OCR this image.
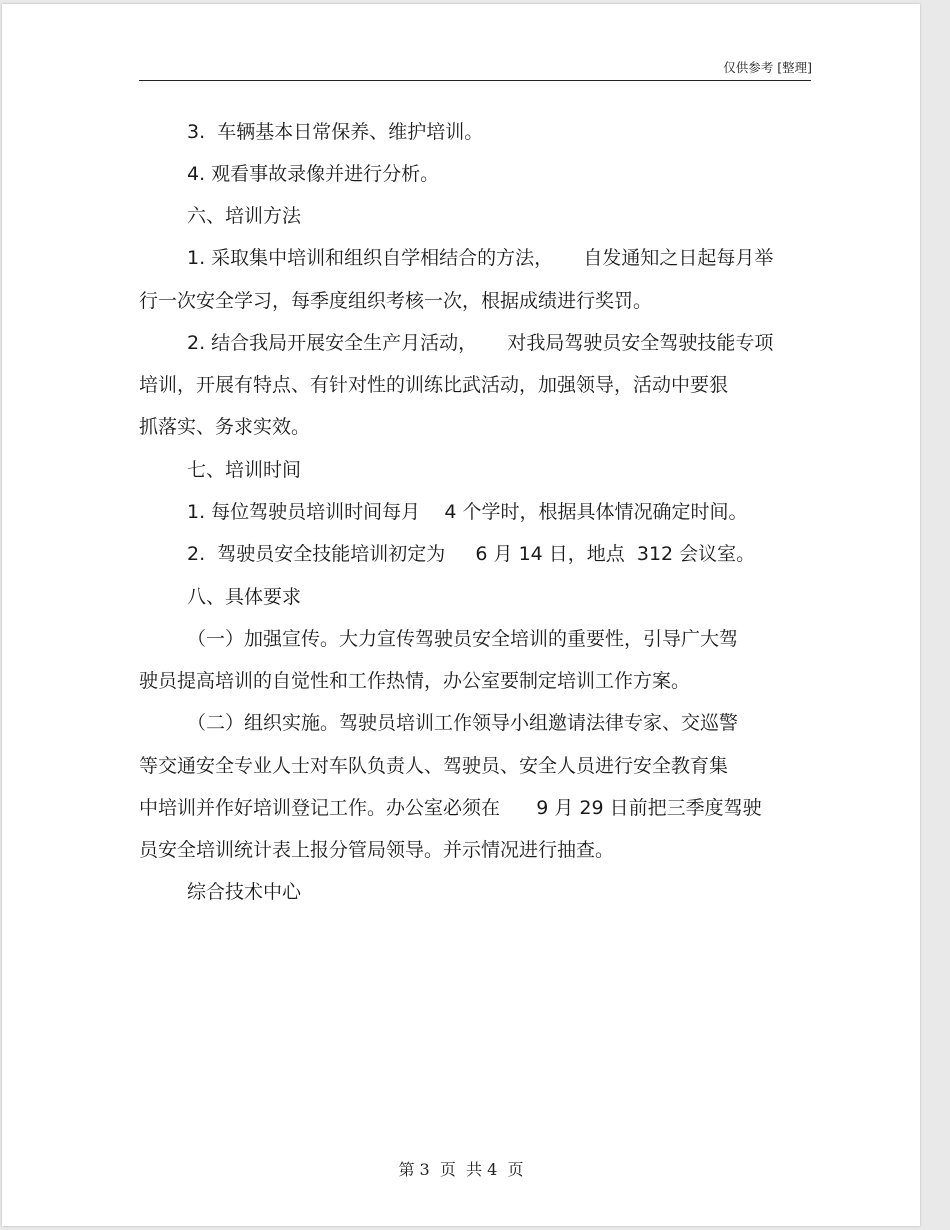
仅供参考 [整理]
3.  车辆基本日常保养、维护培训。
4. 观看事故录像并进行分析。
六、培训方法
1. 采取集中培训和组织自学相结合的方法，     自发通知之日起每月举
行一次安全学习，每季度组织考核一次，根据成绩进行奖罚。
2. 结合我局开展安全生产月活动，     对我局驾驶员安全驾驶技能专项
培训，开展有特点、有针对性的训练比武活动，加强领导，活动中要狠
抓落实、务求实效。
七、培训时间
1. 每位驾驶员培训时间每月    4 个学时，根据具体情况确定时间。
2.  驾驶员安全技能培训初定为     6 月 14 日，地点  312 会议室。
八、具体要求
（一）加强宣传。大力宣传驾驶员安全培训的重要性，引导广大驾
驶员提高培训的自觉性和工作热情，办公室要制定培训工作方案。
（二）组织实施。驾驶员培训工作领导小组邀请法律专家、交巡警
等交通安全专业人士对车队负责人、驾驶员、安全人员进行安全教育集
中培训并作好培训登记工作。办公室必须在      9 月 29 日前把三季度驾驶
员安全培训统计表上报分管局领导。并示情况进行抽查。
综合技术中心
第 3  页  共 4  页
